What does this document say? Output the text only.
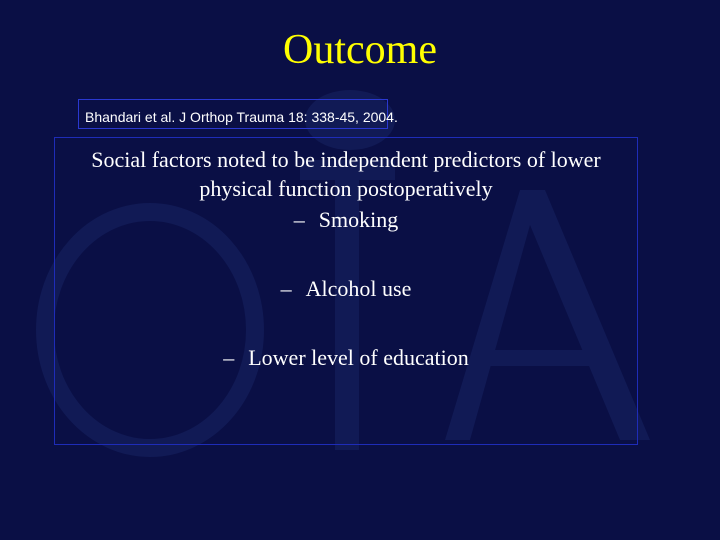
Outcome
Bhandari et al. J Orthop Trauma 18: 338-45, 2004.
Social factors noted to be independent predictors of lower physical function postoperatively
– Smoking
– Alcohol use
– Lower level of education
